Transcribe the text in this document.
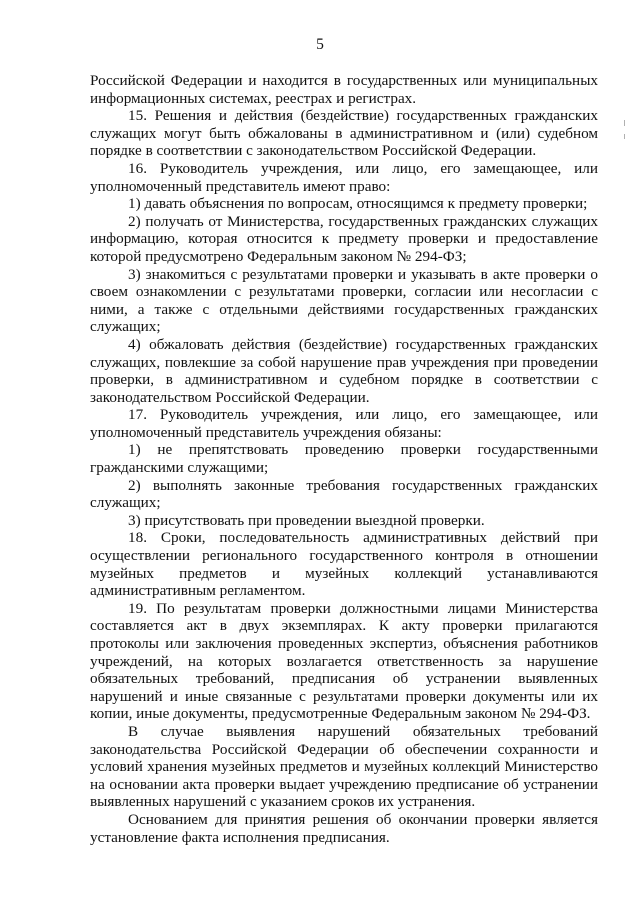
5

Российской Федерации и находится в государственных или муниципальных информационных системах, реестрах и регистрах.

15. Решения и действия (бездействие) государственных гражданских служащих могут быть обжалованы в административном и (или) судебном порядке в соответствии с законодательством Российской Федерации.

16. Руководитель учреждения, или лицо, его замещающее, или уполномоченный представитель имеют право:

1) давать объяснения по вопросам, относящимся к предмету проверки;

2) получать от Министерства, государственных гражданских служащих информацию, которая относится к предмету проверки и предоставление которой предусмотрено Федеральным законом № 294-ФЗ;

3) знакомиться с результатами проверки и указывать в акте проверки о своем ознакомлении с результатами проверки, согласии или несогласии с ними, а также с отдельными действиями государственных гражданских служащих;

4) обжаловать действия (бездействие) государственных гражданских служащих, повлекшие за собой нарушение прав учреждения при проведении проверки, в административном и судебном порядке в соответствии с законодательством Российской Федерации.

17. Руководитель учреждения, или лицо, его замещающее, или уполномоченный представитель учреждения обязаны:

1) не препятствовать проведению проверки государственными гражданскими служащими;

2) выполнять законные требования государственных гражданских служащих;

3) присутствовать при проведении выездной проверки.

18. Сроки, последовательность административных действий при осуществлении регионального государственного контроля в отношении музейных предметов и музейных коллекций устанавливаются административным регламентом.

19. По результатам проверки должностными лицами Министерства составляется акт в двух экземплярах. К акту проверки прилагаются протоколы или заключения проведенных экспертиз, объяснения работников учреждений, на которых возлагается ответственность за нарушение обязательных требований, предписания об устранении выявленных нарушений и иные связанные с результатами проверки документы или их копии, иные документы, предусмотренные Федеральным законом № 294-ФЗ.

В случае выявления нарушений обязательных требований законодательства Российской Федерации об обеспечении сохранности и условий хранения музейных предметов и музейных коллекций Министерство на основании акта проверки выдает учреждению предписание об устранении выявленных нарушений с указанием сроков их устранения.

Основанием для принятия решения об окончании проверки является установление факта исполнения предписания.
